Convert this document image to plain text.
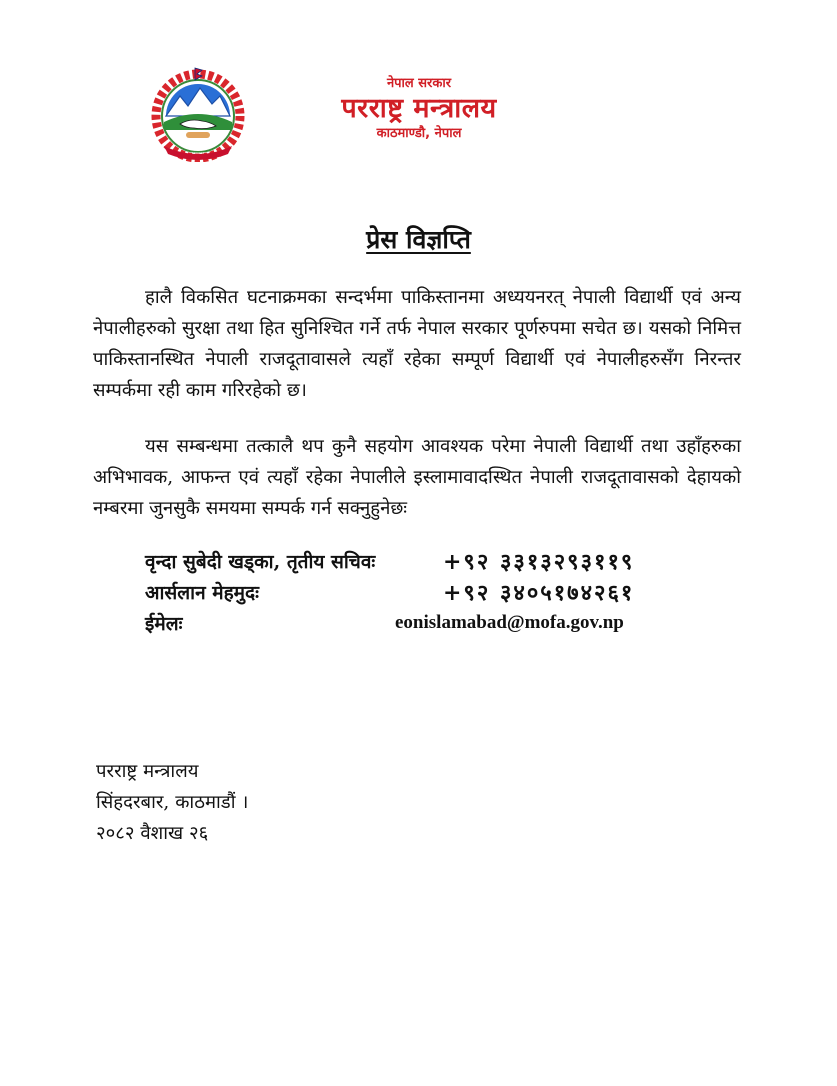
॰॰॰॰॰॰
नेपाल सरकार
परराष्ट्र मन्त्रालय
काठमाण्डौ, नेपाल
प्रेस विज्ञप्ति

हालै विकसित घटनाक्रमका सन्दर्भमा पाकिस्तानमा अध्ययनरत् नेपाली विद्यार्थी एवं अन्य नेपालीहरुको सुरक्षा तथा हित सुनिश्चित गर्ने तर्फ नेपाल सरकार पूर्णरुपमा सचेत छ। यसको निमित्त पाकिस्तानस्थित नेपाली राजदूतावासले त्यहाँ रहेका सम्पूर्ण विद्यार्थी एवं नेपालीहरुसँग निरन्तर सम्पर्कमा रही काम गरिरहेको छ।

यस सम्बन्धमा तत्कालै थप कुनै सहयोग आवश्यक परेमा नेपाली विद्यार्थी तथा उहाँहरुका अभिभावक, आफन्त एवं त्यहाँ रहेका नेपालीले इस्लामावादस्थित नेपाली राजदूतावासको देहायको नम्बरमा जुनसुकै समयमा सम्पर्क गर्न सक्नुहुनेछः

वृन्दा सुबेदी खड्का, तृतीय सचिवः	+९२ ३३१३२९३११९
आर्सलान मेहमुदः	+९२ ३४०५१७४२६१
ईमेलः	eonislamabad@mofa.gov.np
परराष्ट्र मन्त्रालय
सिंहदरबार, काठमाडौं ।
२०८२ वैशाख २६
